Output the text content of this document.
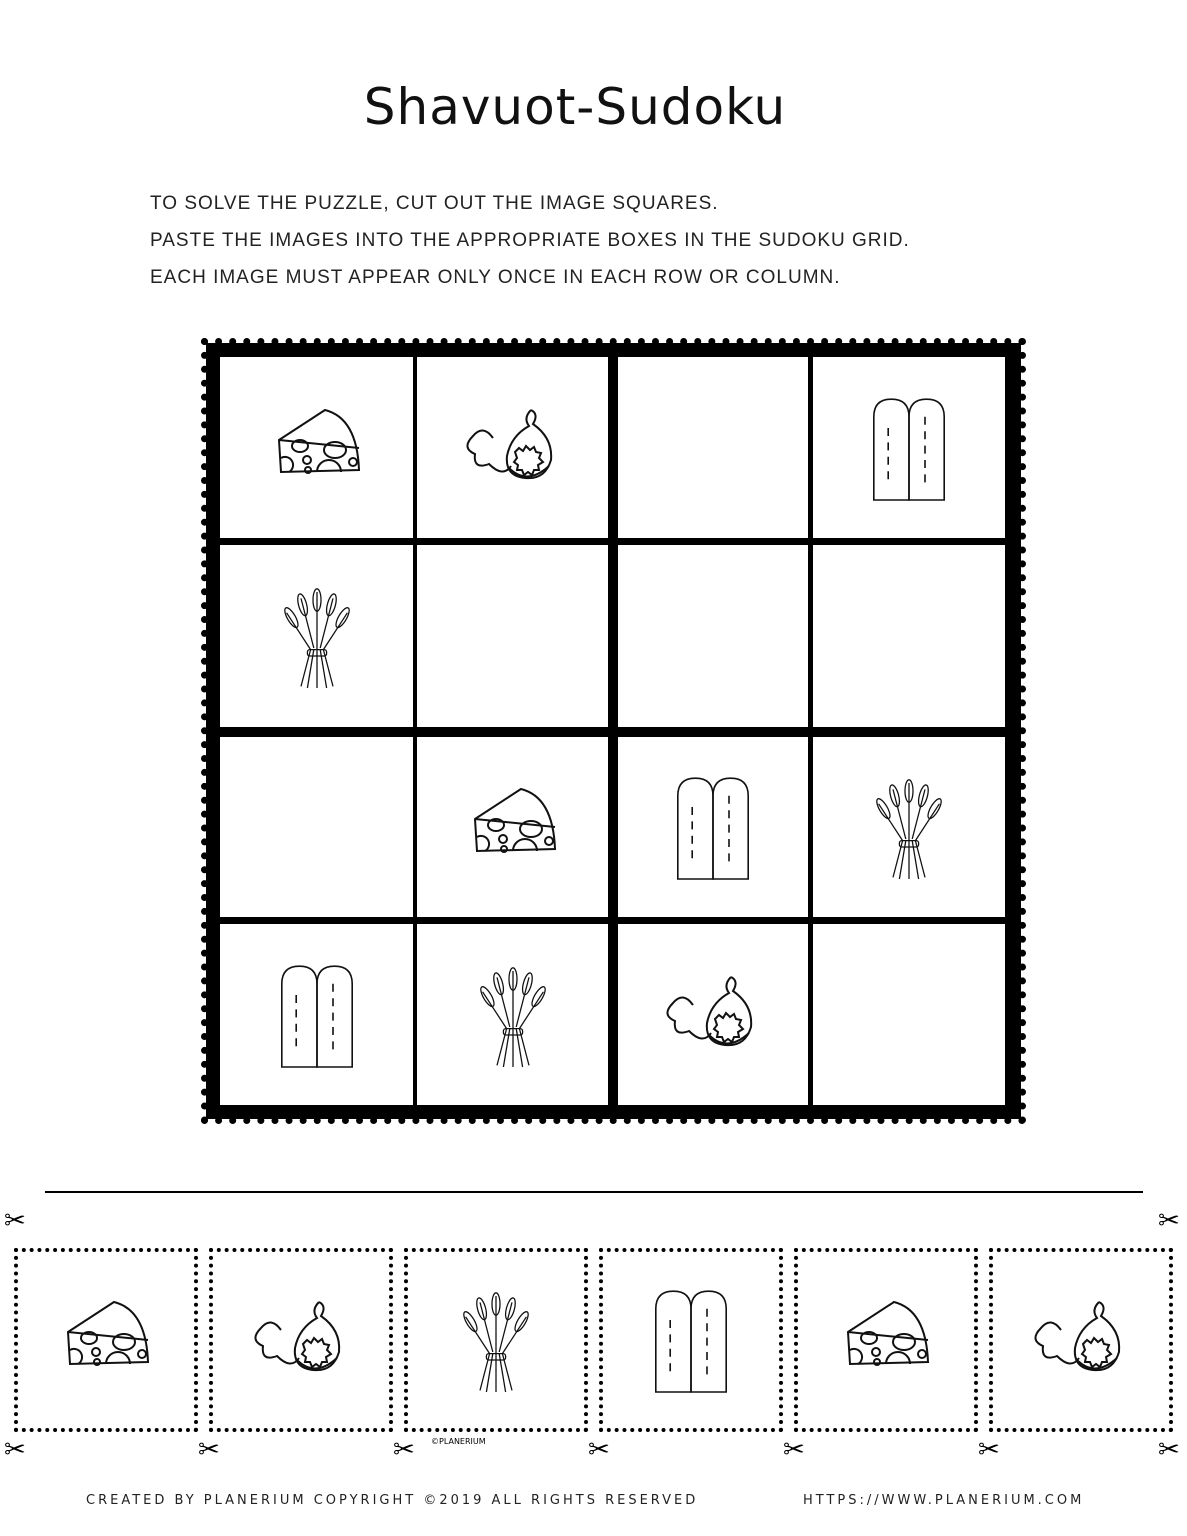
Shavuot-Sudoku
TO SOLVE THE PUZZLE, CUT OUT THE IMAGE SQUARES.
PASTE THE IMAGES INTO THE APPROPRIATE BOXES IN THE SUDOKU GRID.
EACH IMAGE MUST APPEAR ONLY ONCE IN EACH ROW OR COLUMN.
©PLANERIUM
✂	✂
✂	✂	✂	✂	✂	✂	✂
CREATED BY PLANERIUM COPYRIGHT ©2019 ALL RIGHTS RESERVED	HTTPS://WWW.PLANERIUM.COM
